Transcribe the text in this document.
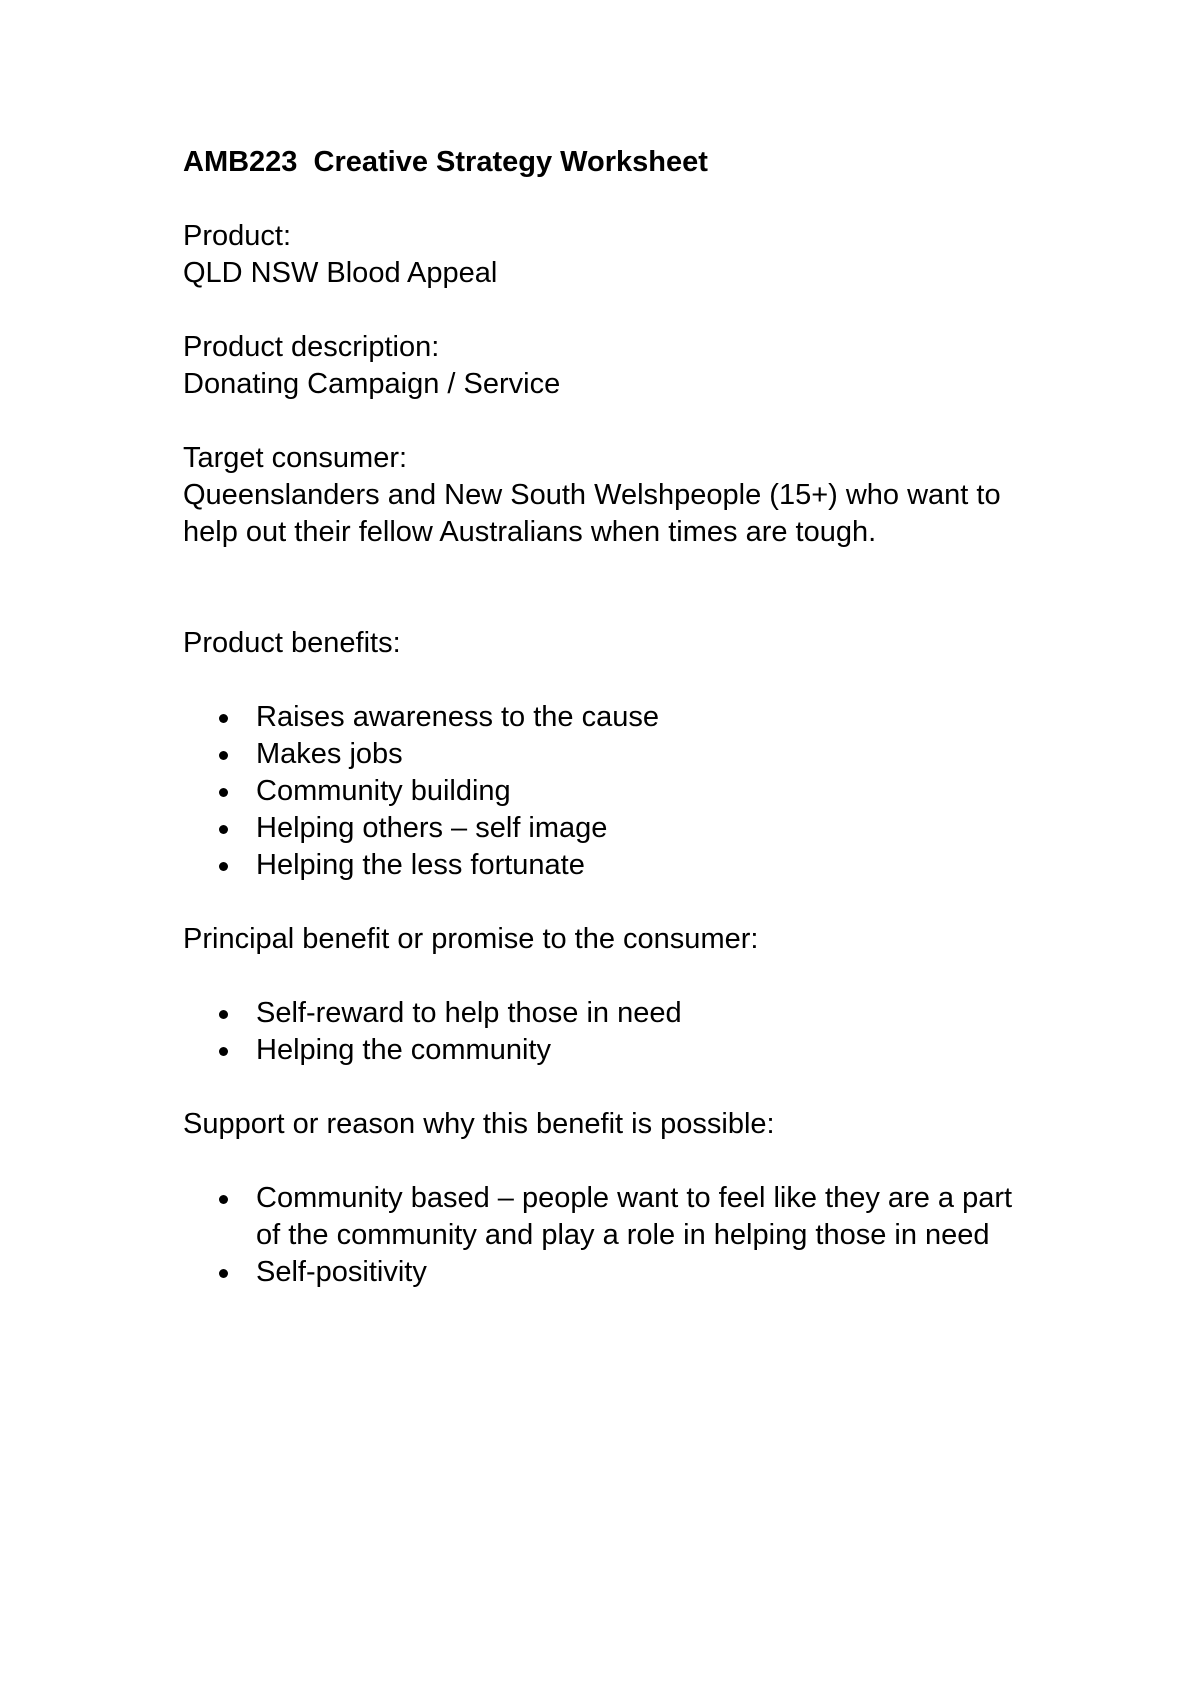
AMB223  Creative Strategy Worksheet

Product:

QLD NSW Blood Appeal

Product description:

Donating Campaign / Service

Target consumer:

Queenslanders and New South Welshpeople (15+) who want to help out their fellow Australians when times are tough.

Product benefits:

Raises awareness to the cause
Makes jobs
Community building
Helping others – self image
Helping the less fortunate

Principal benefit or promise to the consumer:

Self-reward to help those in need
Helping the community

Support or reason why this benefit is possible:

Community based – people want to feel like they are a part of the community and play a role in helping those in need
Self-positivity
